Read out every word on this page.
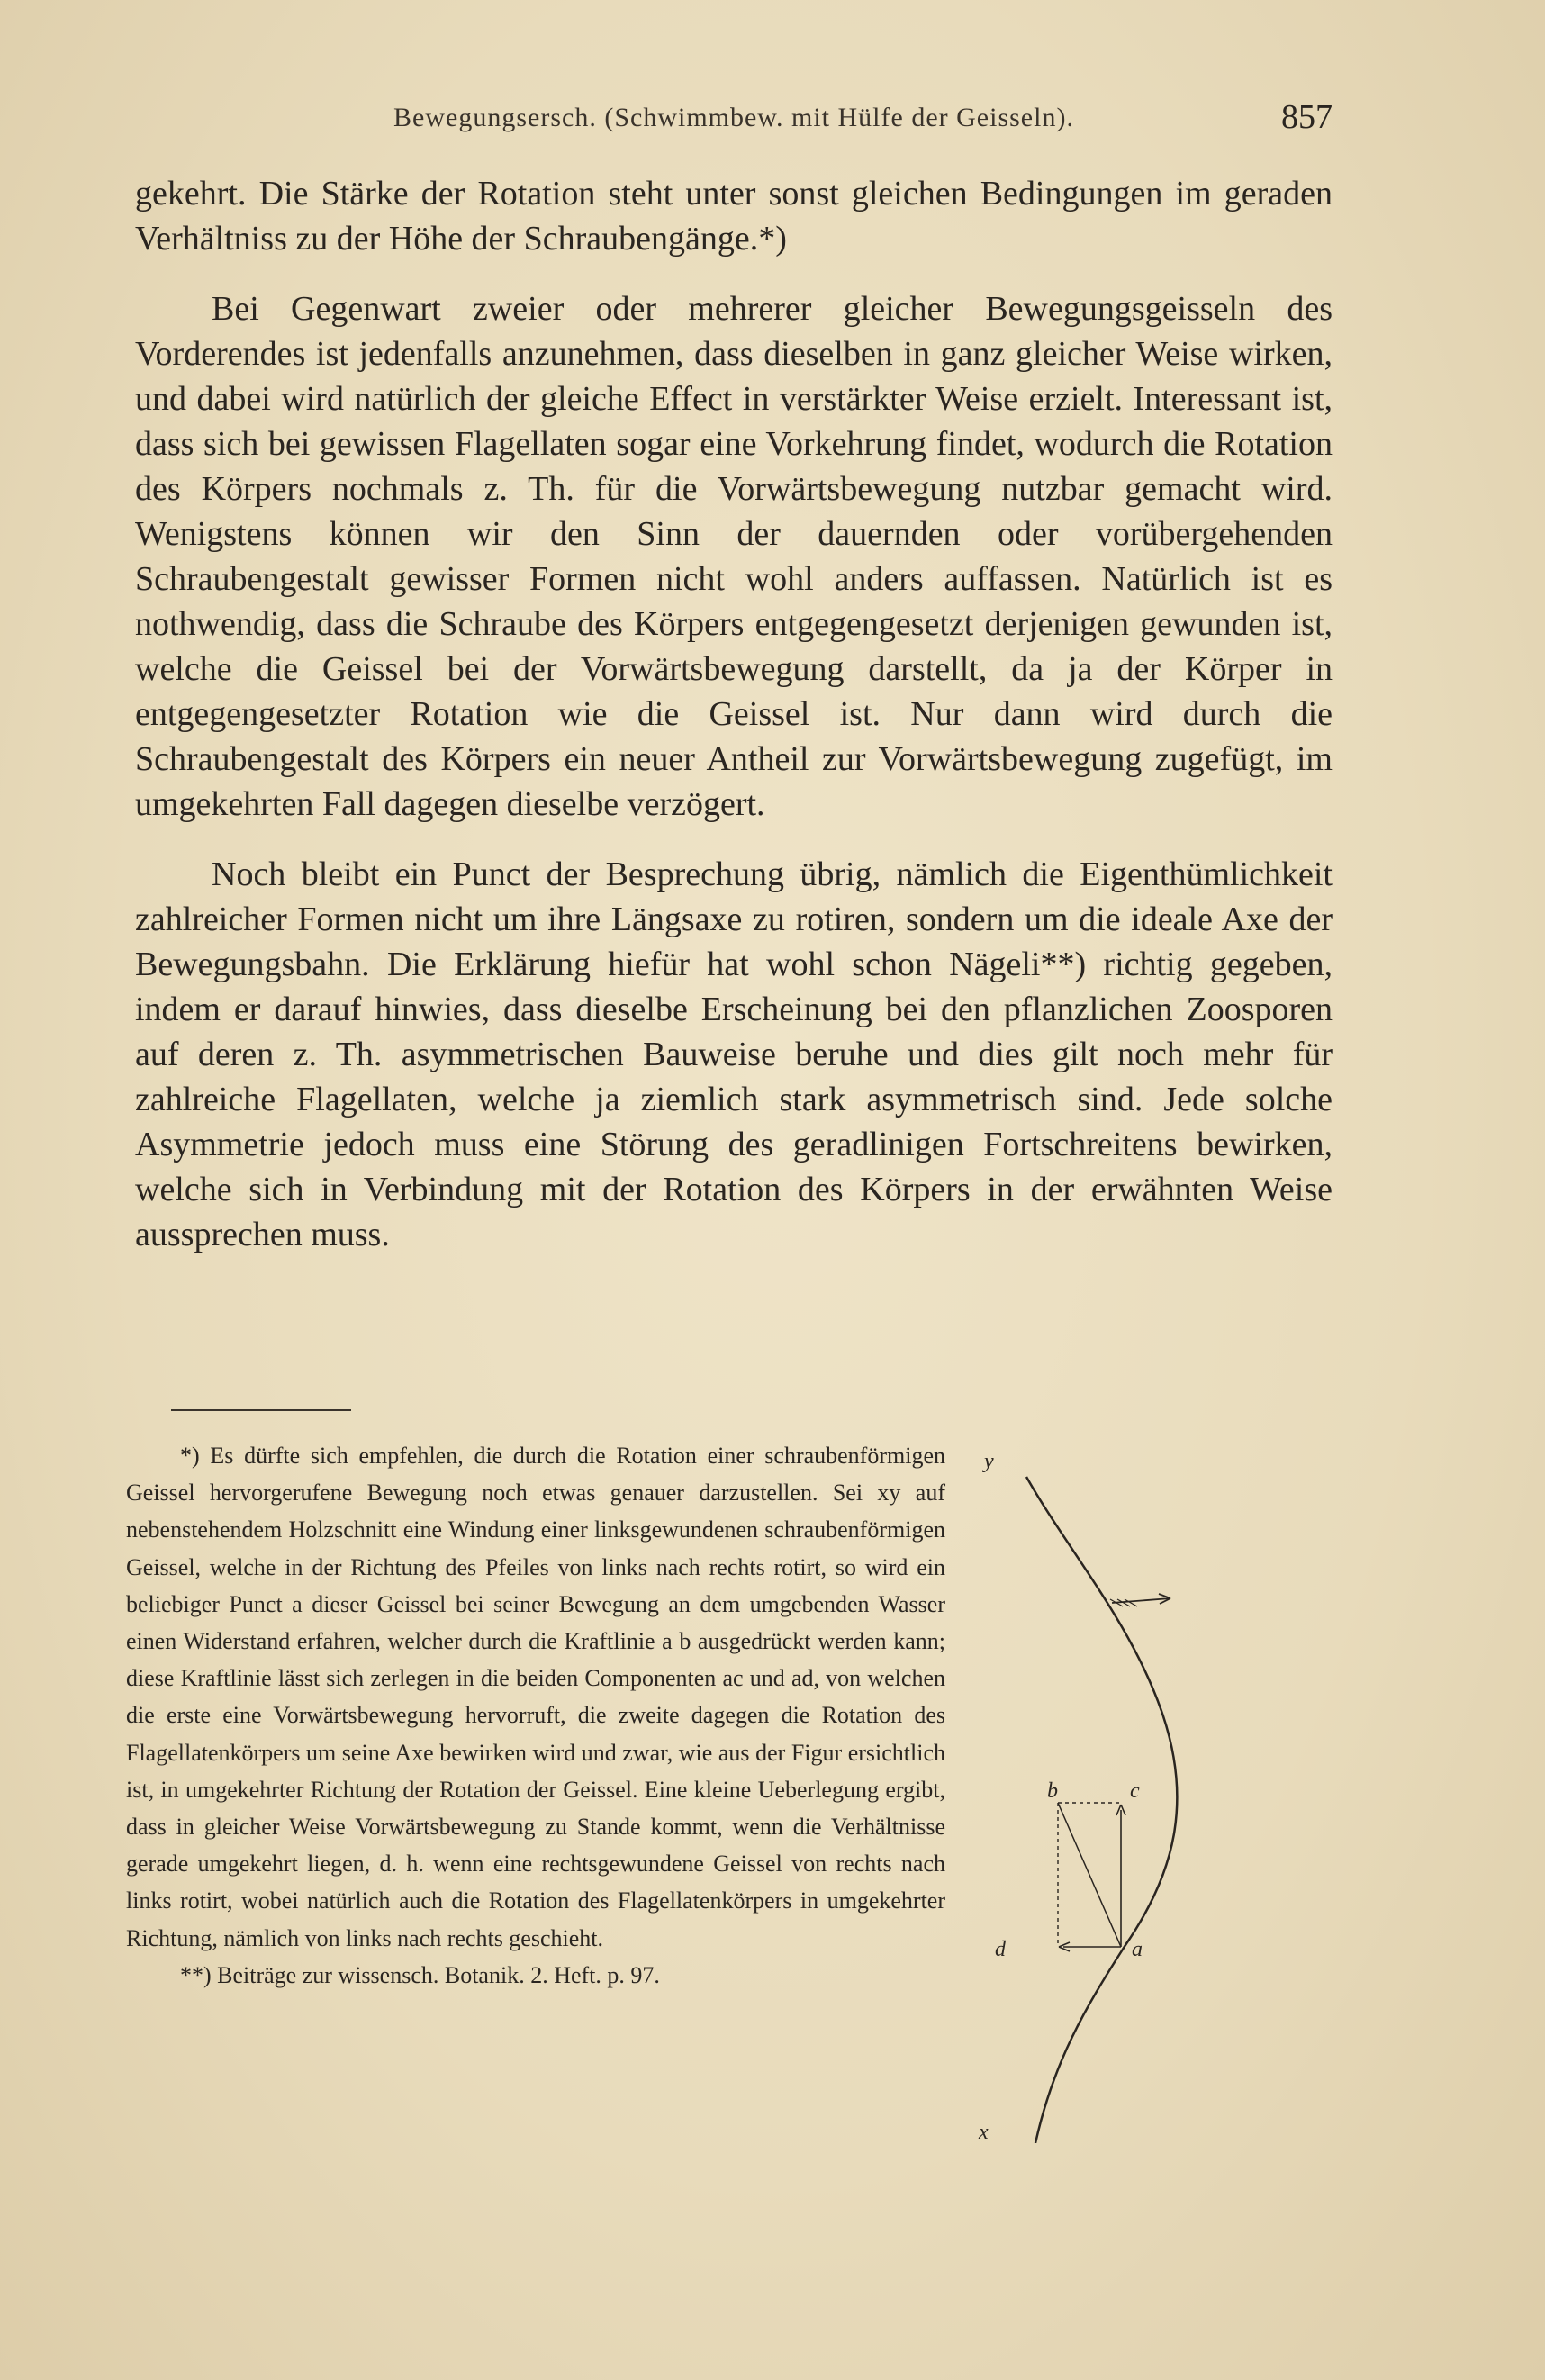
Bewegungsersch. (Schwimmbew. mit Hülfe der Geisseln).	857

gekehrt. Die Stärke der Rotation steht unter sonst gleichen Bedingungen im geraden Verhältniss zu der Höhe der Schraubengänge.*)

Bei Gegenwart zweier oder mehrerer gleicher Bewegungsgeisseln des Vorderendes ist jedenfalls anzunehmen, dass dieselben in ganz gleicher Weise wirken, und dabei wird natürlich der gleiche Effect in verstärkter Weise erzielt. Interessant ist, dass sich bei gewissen Flagellaten sogar eine Vorkehrung findet, wodurch die Rotation des Körpers nochmals z. Th. für die Vorwärtsbewegung nutzbar gemacht wird. Wenigstens können wir den Sinn der dauernden oder vorübergehenden Schraubengestalt gewisser Formen nicht wohl anders auffassen. Natürlich ist es nothwendig, dass die Schraube des Körpers entgegengesetzt derjenigen gewunden ist, welche die Geissel bei der Vorwärtsbewegung darstellt, da ja der Körper in entgegengesetzter Rotation wie die Geissel ist. Nur dann wird durch die Schraubengestalt des Körpers ein neuer Antheil zur Vorwärtsbewegung zugefügt, im umgekehrten Fall dagegen dieselbe verzögert.

Noch bleibt ein Punct der Besprechung übrig, nämlich die Eigenthümlichkeit zahlreicher Formen nicht um ihre Längsaxe zu rotiren, sondern um die ideale Axe der Bewegungsbahn. Die Erklärung hiefür hat wohl schon Nägeli**) richtig gegeben, indem er darauf hinwies, dass dieselbe Erscheinung bei den pflanzlichen Zoosporen auf deren z. Th. asymmetrischen Bauweise beruhe und dies gilt noch mehr für zahlreiche Flagellaten, welche ja ziemlich stark asymmetrisch sind. Jede solche Asymmetrie jedoch muss eine Störung des geradlinigen Fortschreitens bewirken, welche sich in Verbindung mit der Rotation des Körpers in der erwähnten Weise aussprechen muss.

*) Es dürfte sich empfehlen, die durch die Rotation einer schraubenförmigen Geissel hervorgerufene Bewegung noch etwas genauer darzustellen. Sei xy auf nebenstehendem Holzschnitt eine Windung einer linksgewundenen schraubenförmigen Geissel, welche in der Richtung des Pfeiles von links nach rechts rotirt, so wird ein beliebiger Punct a dieser Geissel bei seiner Bewegung an dem umgebenden Wasser einen Widerstand erfahren, welcher durch die Kraftlinie a b ausgedrückt werden kann; diese Kraftlinie lässt sich zerlegen in die beiden Componenten ac und ad, von welchen die erste eine Vorwärtsbewegung hervorruft, die zweite dagegen die Rotation des Flagellatenkörpers um seine Axe bewirken wird und zwar, wie aus der Figur ersichtlich ist, in umgekehrter Richtung der Rotation der Geissel. Eine kleine Ueberlegung ergibt, dass in gleicher Weise Vorwärtsbewegung zu Stande kommt, wenn die Verhältnisse gerade umgekehrt liegen, d. h. wenn eine rechtsgewundene Geissel von rechts nach links rotirt, wobei natürlich auch die Rotation des Flagellatenkörpers in umgekehrter Richtung, nämlich von links nach rechts geschieht.

**) Beiträge zur wissensch. Botanik. 2. Heft. p. 97.

y
b	c
d	a
x
